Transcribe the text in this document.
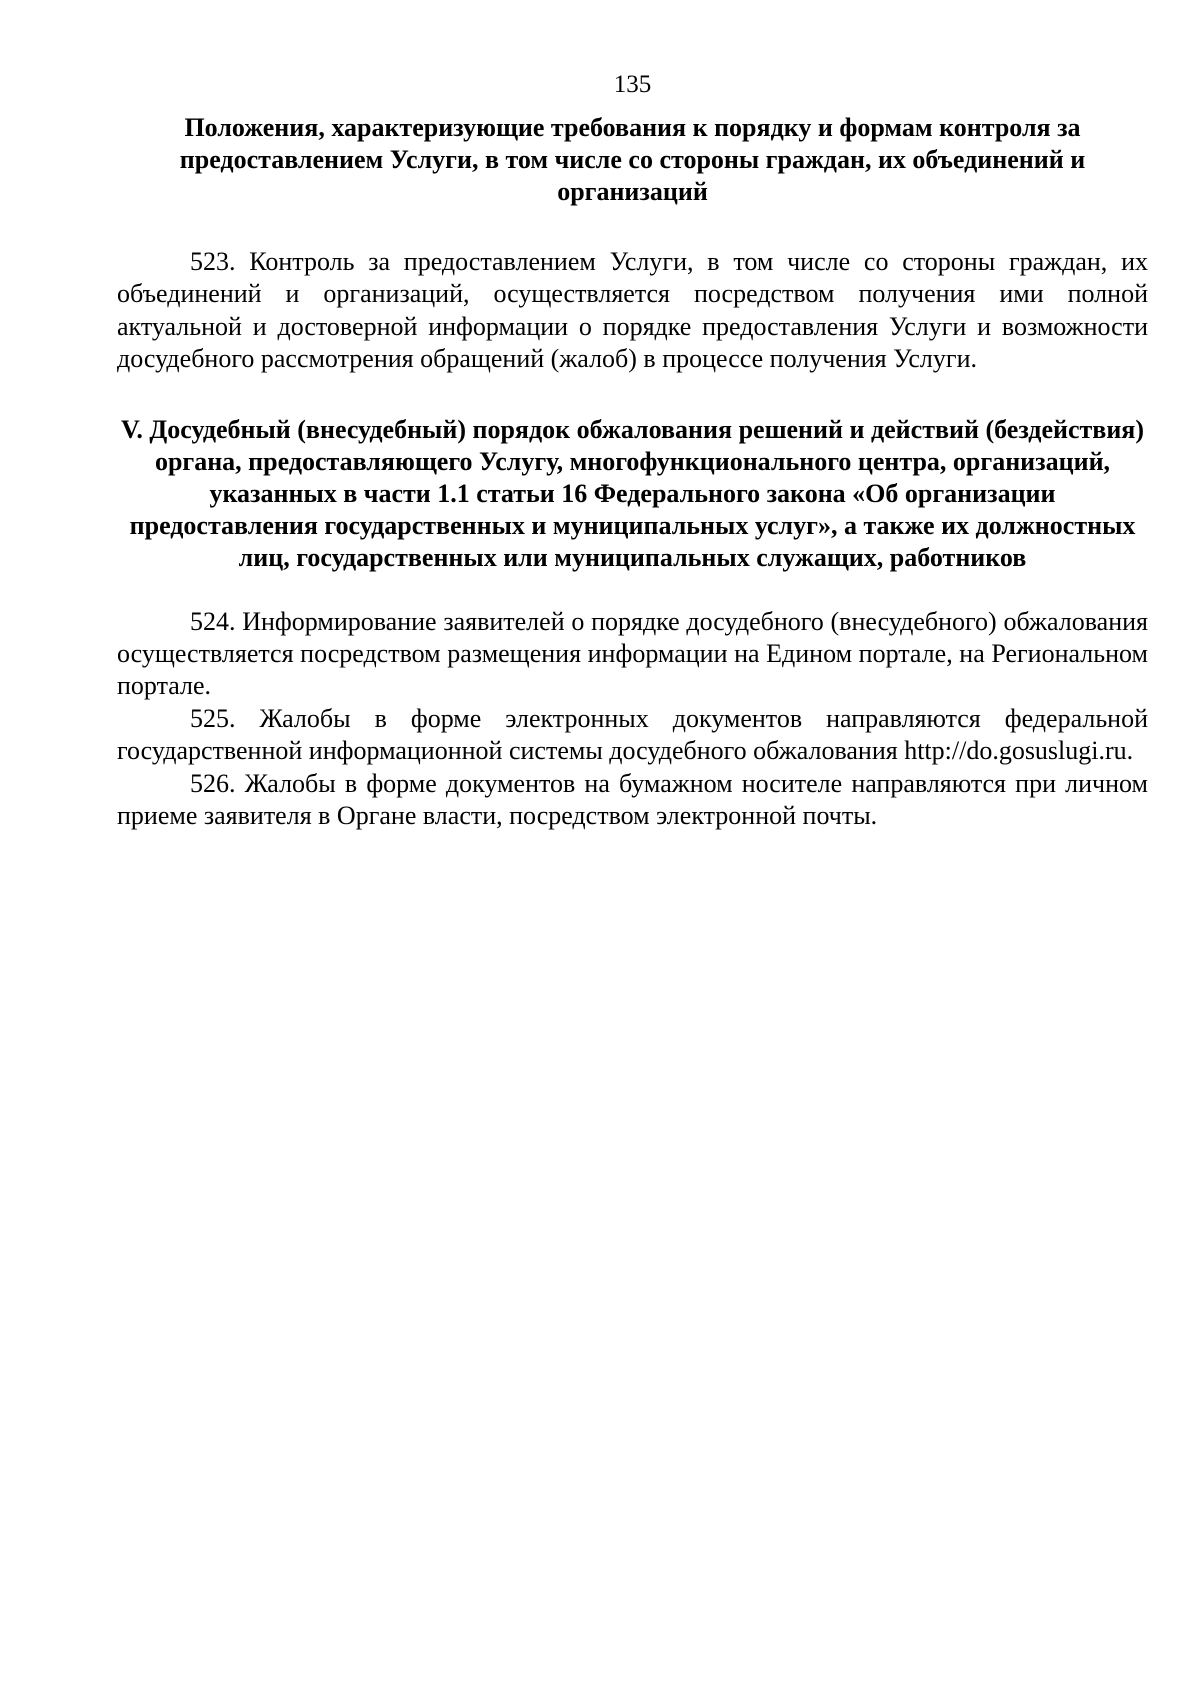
135
Положения, характеризующие требования к порядку и формам контроля за предоставлением Услуги, в том числе со стороны граждан, их объединений и организаций

523. Контроль за предоставлением Услуги, в том числе со стороны граждан, их объединений и организаций, осуществляется посредством получения ими полной актуальной и достоверной информации о порядке предоставления Услуги и возможности досудебного рассмотрения обращений (жалоб) в процессе получения Услуги.

V. Досудебный (внесудебный) порядок обжалования решений и действий (бездействия) органа, предоставляющего Услугу, многофункционального центра, организаций, указанных в части 1.1 статьи 16 Федерального закона «Об организации предоставления государственных и муниципальных услуг», а также их должностных лиц, государственных или муниципальных служащих, работников

524. Информирование заявителей о порядке досудебного (внесудебного) обжалования осуществляется посредством размещения информации на Едином портале, на Региональном портале.

525. Жалобы в форме электронных документов направляются федеральной государственной информационной системы досудебного обжалования http://do.gosuslugi.ru.

526. Жалобы в форме документов на бумажном носителе направляются при личном приеме заявителя в Органе власти, посредством электронной почты.
